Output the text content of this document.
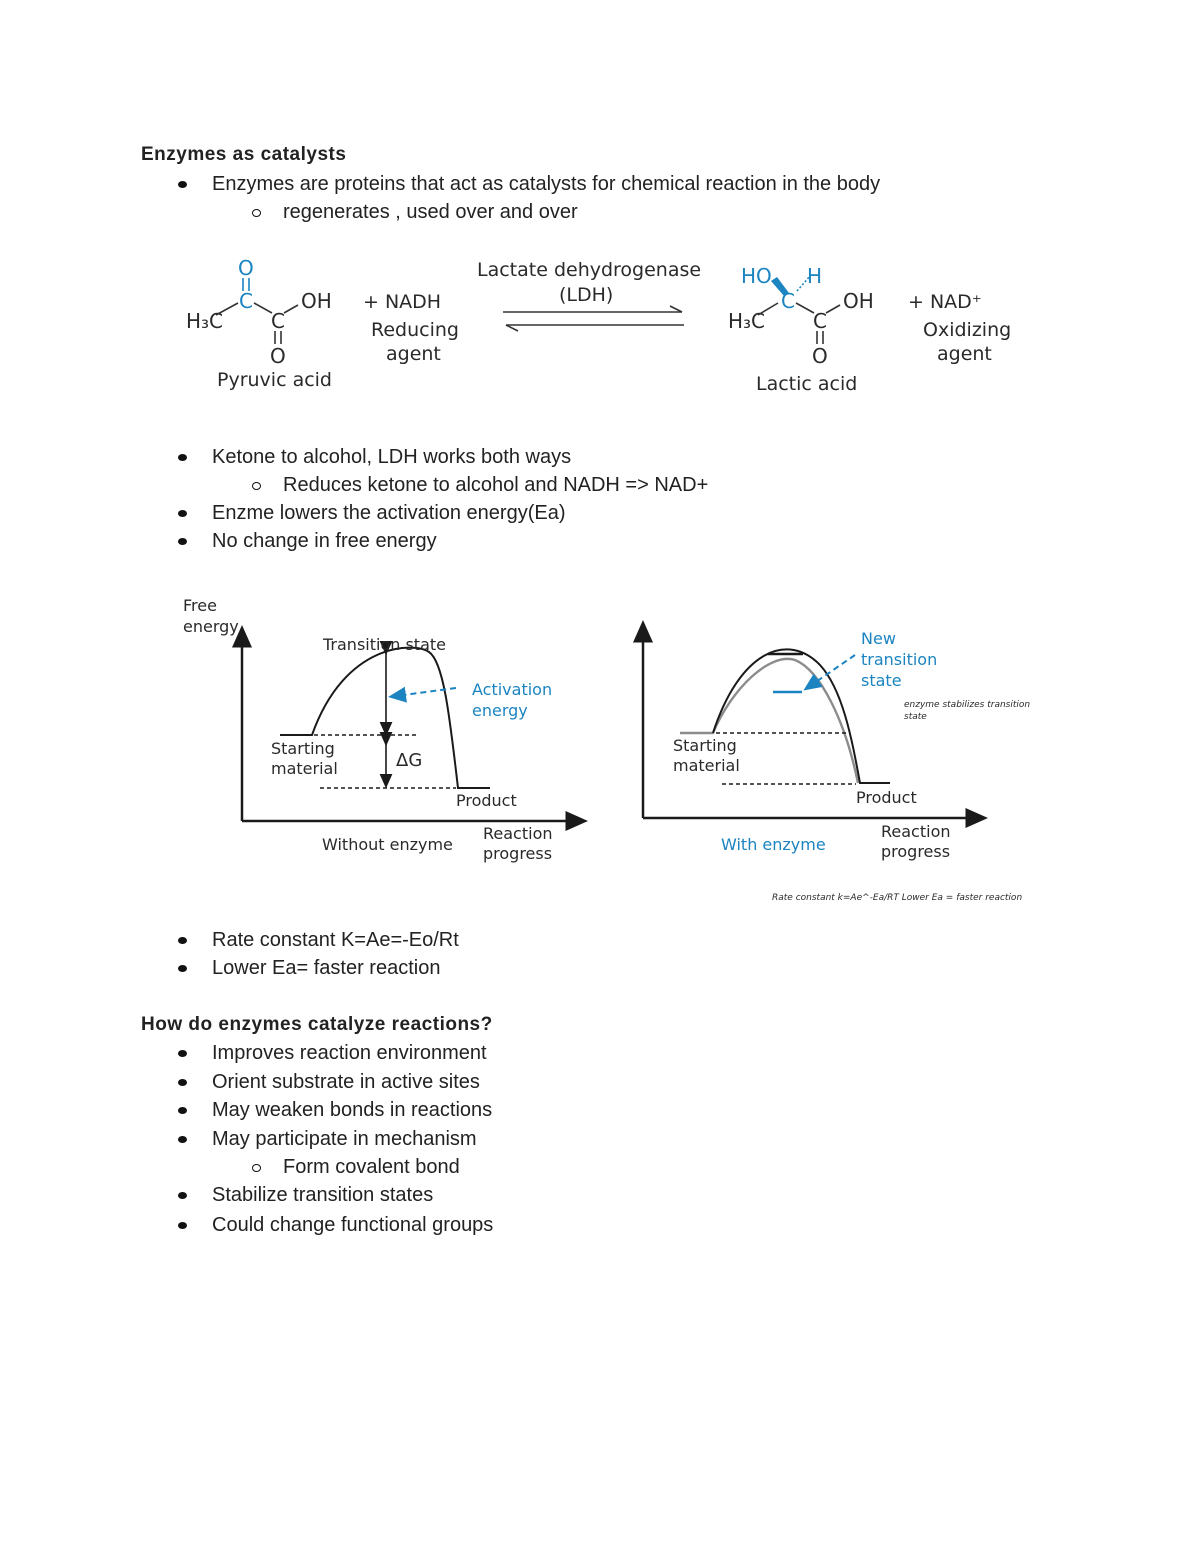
Enzymes as catalysts
Enzymes are proteins that act as catalysts for chemical reaction in the body
regenerates , used over and over
O
C
C
H₃C
OH
O
Pyruvic acid
+ NADH
Reducing
agent
Lactate dehydrogenase
(LDH)
HO H
C
C
H₃C
OH
O
Lactic acid
+ NAD⁺
Oxidizing
agent
Ketone to alcohol, LDH works both ways
Reduces ketone to alcohol and NADH => NAD+
Enzme lowers the activation energy(Ea)
No change in free energy
Free
energy
Transition state
Activation
energy
Starting
material	ΔG
Product
Without enzyme
Reaction
progress
New
transition
state
Starting
material
Product
With enzyme
Reaction
progress
enzyme stabilizes transition
state
Rate constant k=Ae^-Ea/RT Lower Ea = faster reaction
Rate constant K=Ae=-Eo/Rt
Lower Ea= faster reaction
How do enzymes catalyze reactions?
Improves reaction environment
Orient substrate in active sites
May weaken bonds in reactions
May participate in mechanism
Form covalent bond
Stabilize transition states
Could change functional groups
